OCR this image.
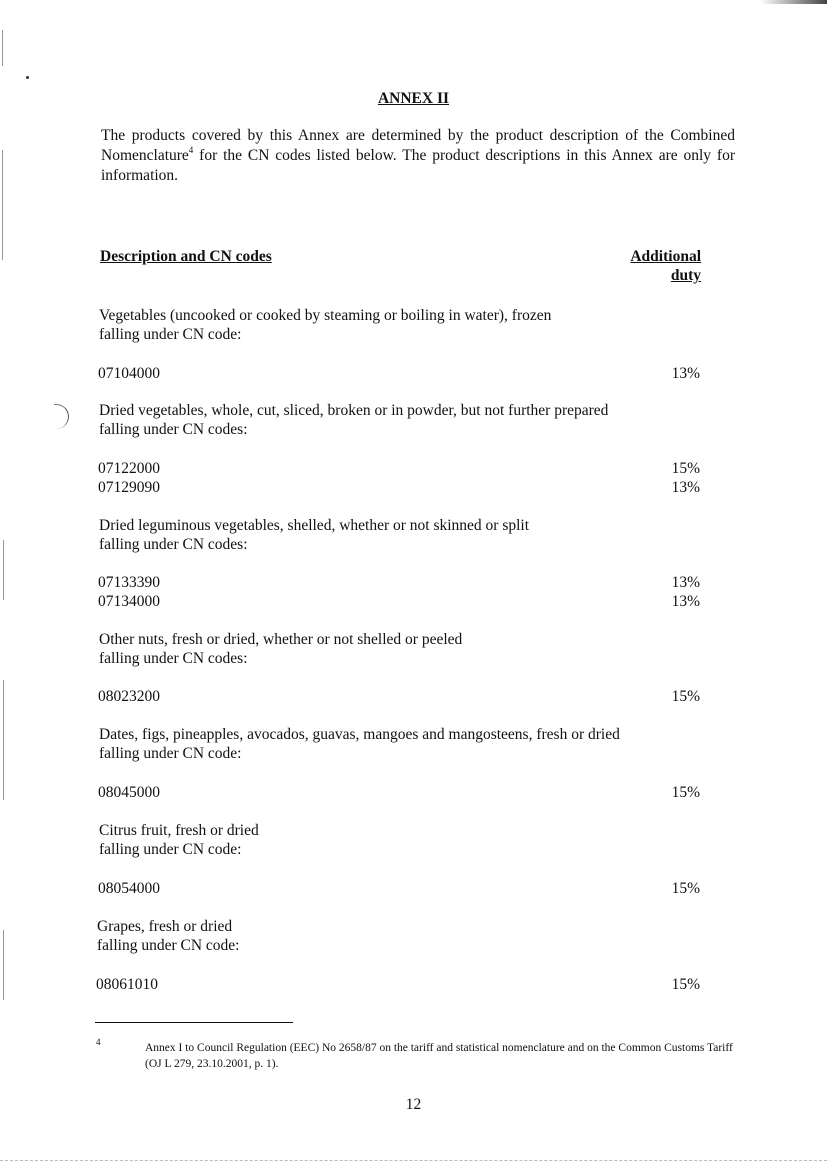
ANNEX II
The products covered by this Annex are determined by the product description of the Combined Nomenclature$^4$ for the CN codes listed below. The product descriptions in this Annex are only for information.
Description and CN codes	Additional
duty
Vegetables (uncooked or cooked by steaming or boiling in water), frozen
falling under CN code:
07104000	13%
Dried vegetables, whole, cut, sliced, broken or in powder, but not further prepared
falling under CN codes:
07122000	15%
07129090	13%
Dried leguminous vegetables, shelled, whether or not skinned or split
falling under CN codes:
07133390	13%
07134000	13%
Other nuts, fresh or dried, whether or not shelled or peeled
falling under CN codes:
08023200	15%
Dates, figs, pineapples, avocados, guavas, mangoes and mangosteens, fresh or dried
falling under CN code:
08045000	15%
Citrus fruit, fresh or dried
falling under CN code:
08054000	15%
Grapes, fresh or dried
falling under CN code:
08061010	15%
4	Annex I to Council Regulation (EEC) No 2658/87 on the tariff and statistical nomenclature and on the Common Customs Tariff (OJ L 279, 23.10.2001, p. 1).
12
